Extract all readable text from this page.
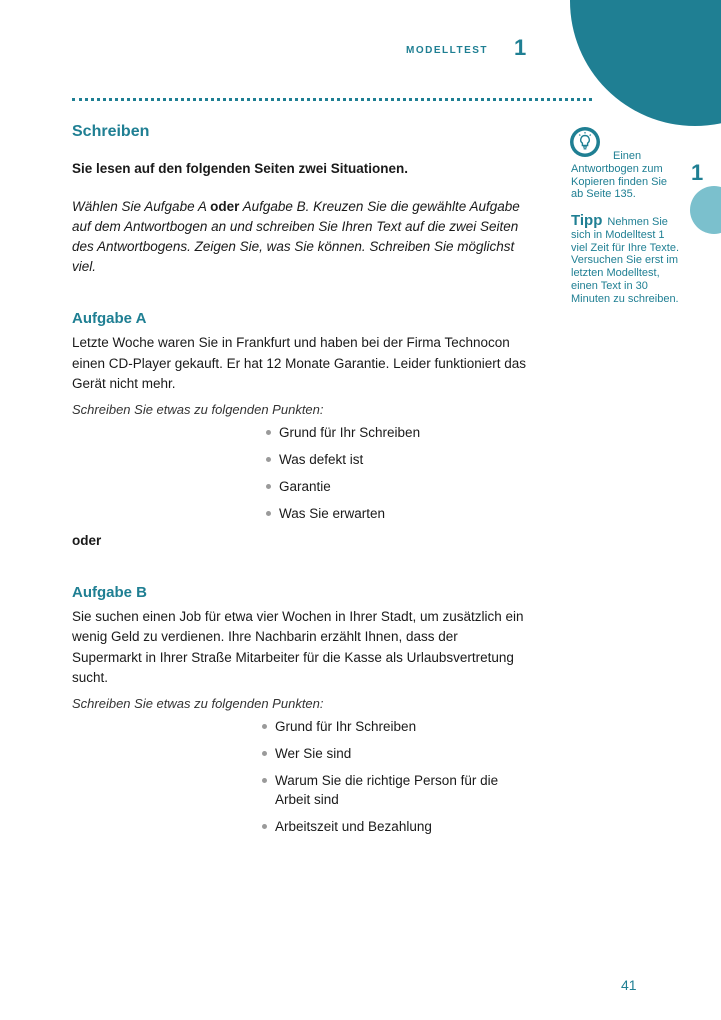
MODELLTEST 1
1
Einen Antwortbogen zum Kopieren finden Sie ab Seite 135.
Tipp Nehmen Sie sich in Modelltest 1 viel Zeit für Ihre Texte. Versuchen Sie erst im letzten Modelltest, einen Text in 30 Minuten zu schreiben.
Schreiben

Sie lesen auf den folgenden Seiten zwei Situationen.

Wählen Sie Aufgabe A oder Aufgabe B. Kreuzen Sie die gewählte Aufgabe auf dem Antwortbogen an und schreiben Sie Ihren Text auf die zwei Seiten des Antwortbogens. Zeigen Sie, was Sie können. Schreiben Sie möglichst viel.

Aufgabe A

Letzte Woche waren Sie in Frankfurt und haben bei der Firma Technocon einen CD-Player gekauft. Er hat 12 Monate Garantie. Leider funktioniert das Gerät nicht mehr.

Schreiben Sie etwas zu folgenden Punkten:

Grund für Ihr Schreiben
Was defekt ist
Garantie
Was Sie erwarten

oder

Aufgabe B

Sie suchen einen Job für etwa vier Wochen in Ihrer Stadt, um zusätzlich ein wenig Geld zu verdienen. Ihre Nachbarin erzählt Ihnen, dass der Supermarkt in Ihrer Straße Mitarbeiter für die Kasse als Urlaubsvertretung sucht.

Schreiben Sie etwas zu folgenden Punkten:

Grund für Ihr Schreiben
Wer Sie sind
Warum Sie die richtige Person für die Arbeit sind
Arbeitszeit und Bezahlung
41
